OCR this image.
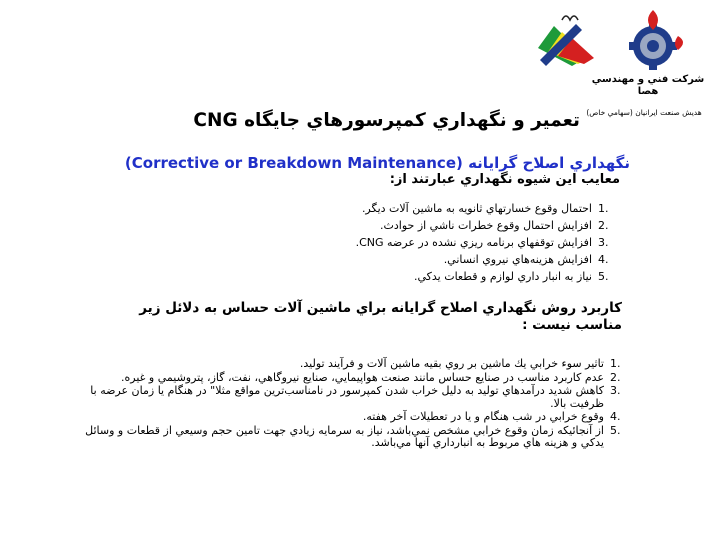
شركت فني و مهندسي هصا
هديش صنعت ايرانيان (سهامي خاص)
تعمير و نگهداري كمپرسورهاي جايگاه CNG
نگهداري اصلاح گرايانه (Corrective or Breakdown Maintenance)
معايب اين شيوه نگهداري عبارتند از:
1.
احتمال وقوع خسارتهاي ثانويه به ماشين آلات ديگر.
2.
افزايش احتمال وقوع خطرات ناشي از حوادث.
3.
افزايش توقفهاي برنامه ريزي نشده در عرضه CNG.
4.
افزايش هزينه‌هاي نيروي انساني.
5.
نياز به انبار داري لوازم و قطعات يدكي.
كاربرد روش نگهداري اصلاح گرايانه براي ماشين آلات حساس به دلائل زير مناسب نيست :
1.
تاثير سوء خرابي يك ماشين بر روي بقيه ماشين آلات و فرآيند توليد.
2.
عدم كاربرد مناسب در صنايع حساس مانند صنعت هواپيمايي، صنايع نيروگاهي، نفت، گاز، پتروشيمي و غيره.
3.
كاهش شديد درآمدهاي توليد به دليل خراب شدن كمپرسور در نامناسب‌ترين مواقع مثلا" در هنگام يا زمان عرضه با ظرفيت بالا.
4.
وقوع خرابي در شب هنگام و يا در تعطيلات آخر هفته.
5.
از آنجائيكه زمان وقوع خرابي مشخص نمي‌باشد، نياز به سرمايه زيادي جهت تامين حجم وسيعي از قطعات و وسائل يدكي و هزينه هاي مربوط به انبارداري آنها مي‌باشد.
